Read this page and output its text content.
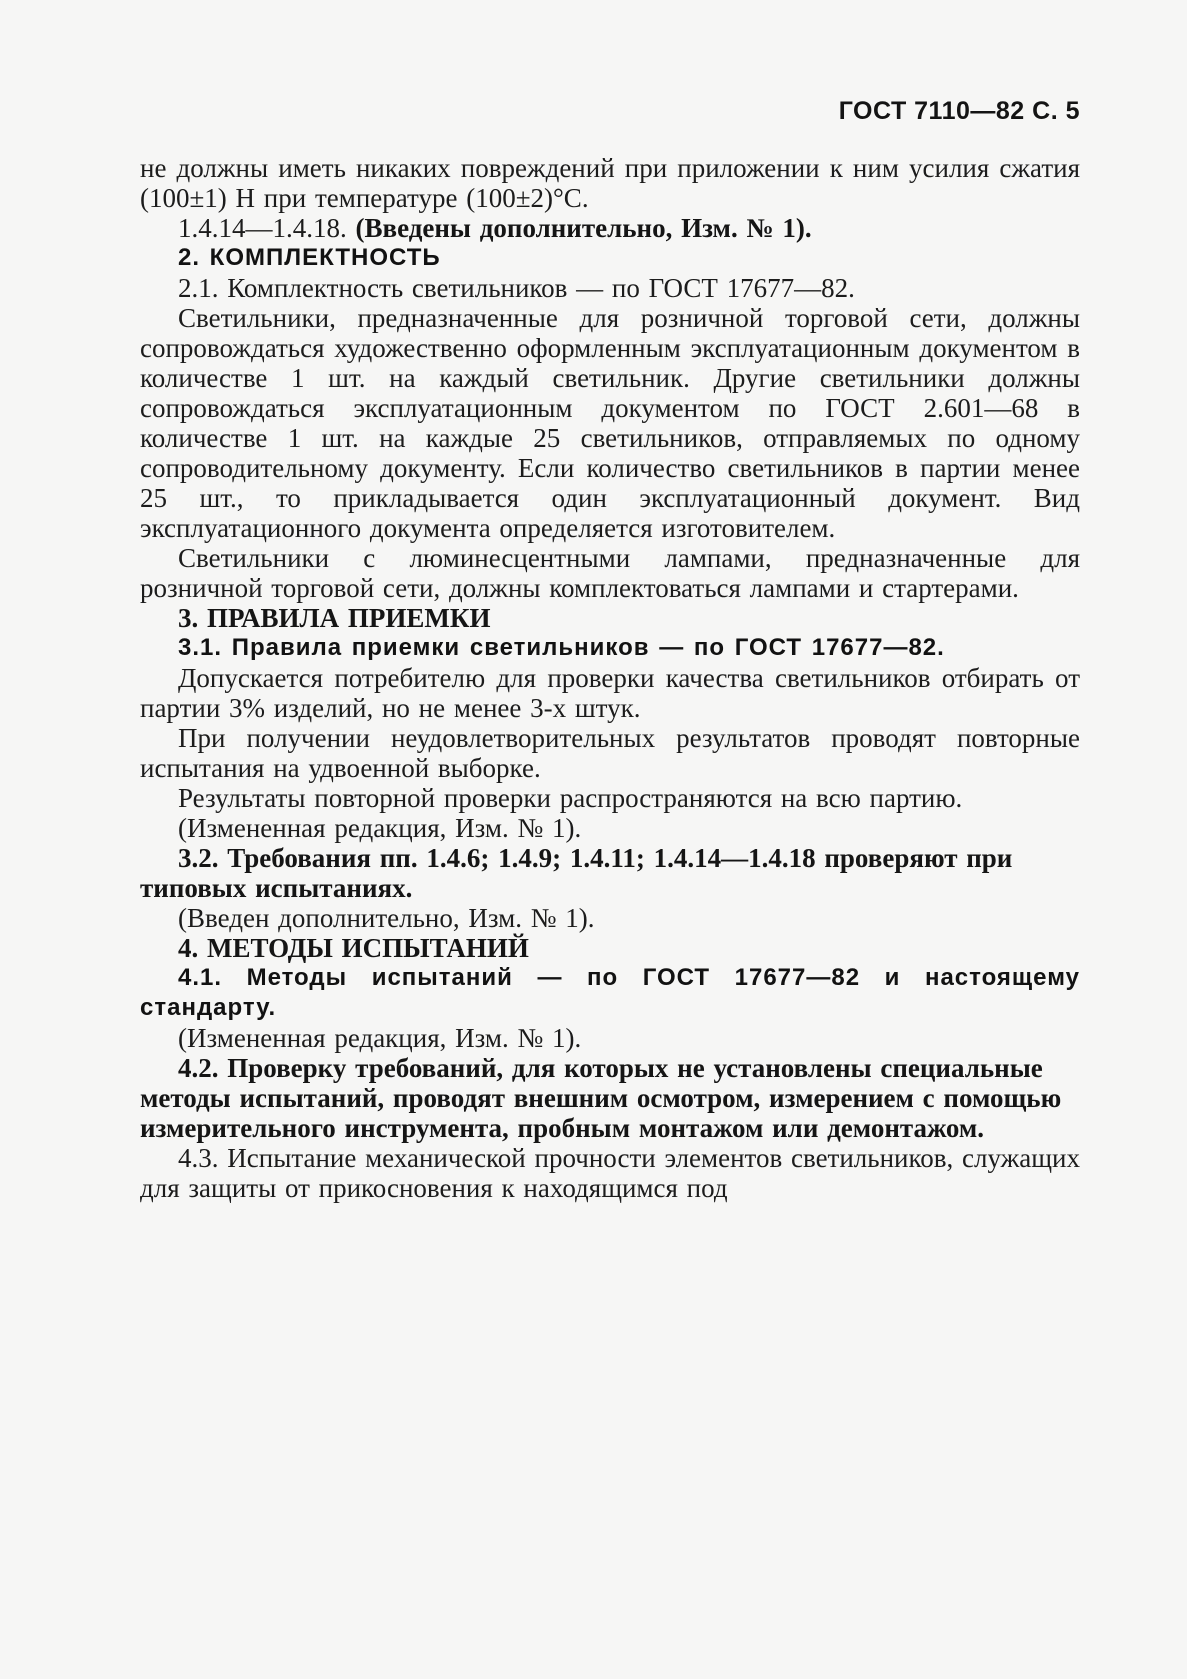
ГОСТ 7110—82 С. 5

не должны иметь никаких повреждений при приложении к ним усилия сжатия (100±1) Н при температуре (100±2)°С.

1.4.14—1.4.18. (Введены дополнительно, Изм. № 1).

2. КОМПЛЕКТНОСТЬ

2.1. Комплектность светильников — по ГОСТ 17677—82.

Светильники, предназначенные для розничной торговой сети, должны сопровождаться художественно оформленным эксплуатационным документом в количестве 1 шт. на каждый светильник. Другие светильники должны сопровождаться эксплуатационным документом по ГОСТ 2.601—68 в количестве 1 шт. на каждые 25 светильников, отправляемых по одному сопроводительному документу. Если количество светильников в партии менее 25 шт., то прикладывается один эксплуатационный документ. Вид эксплуатационного документа определяется изготовителем.

Светильники с люминесцентными лампами, предназначенные для розничной торговой сети, должны комплектоваться лампами и стартерами.

3. ПРАВИЛА ПРИЕМКИ

3.1. Правила приемки светильников — по ГОСТ 17677—82.

Допускается потребителю для проверки качества светильников отбирать от партии 3% изделий, но не менее 3-х штук.

При получении неудовлетворительных результатов проводят повторные испытания на удвоенной выборке.

Результаты повторной проверки распространяются на всю партию.

(Измененная редакция, Изм. № 1).

3.2. Требования пп. 1.4.6; 1.4.9; 1.4.11; 1.4.14—1.4.18 проверяют при типовых испытаниях.

(Введен дополнительно, Изм. № 1).

4. МЕТОДЫ ИСПЫТАНИЙ

4.1. Методы испытаний — по ГОСТ 17677—82 и настоящему стандарту.

(Измененная редакция, Изм. № 1).

4.2. Проверку требований, для которых не установлены специальные методы испытаний, проводят внешним осмотром, измерением с помощью измерительного инструмента, пробным монтажом или демонтажом.

4.3. Испытание механической прочности элементов светильников, служащих для защиты от прикосновения к находящимся под
